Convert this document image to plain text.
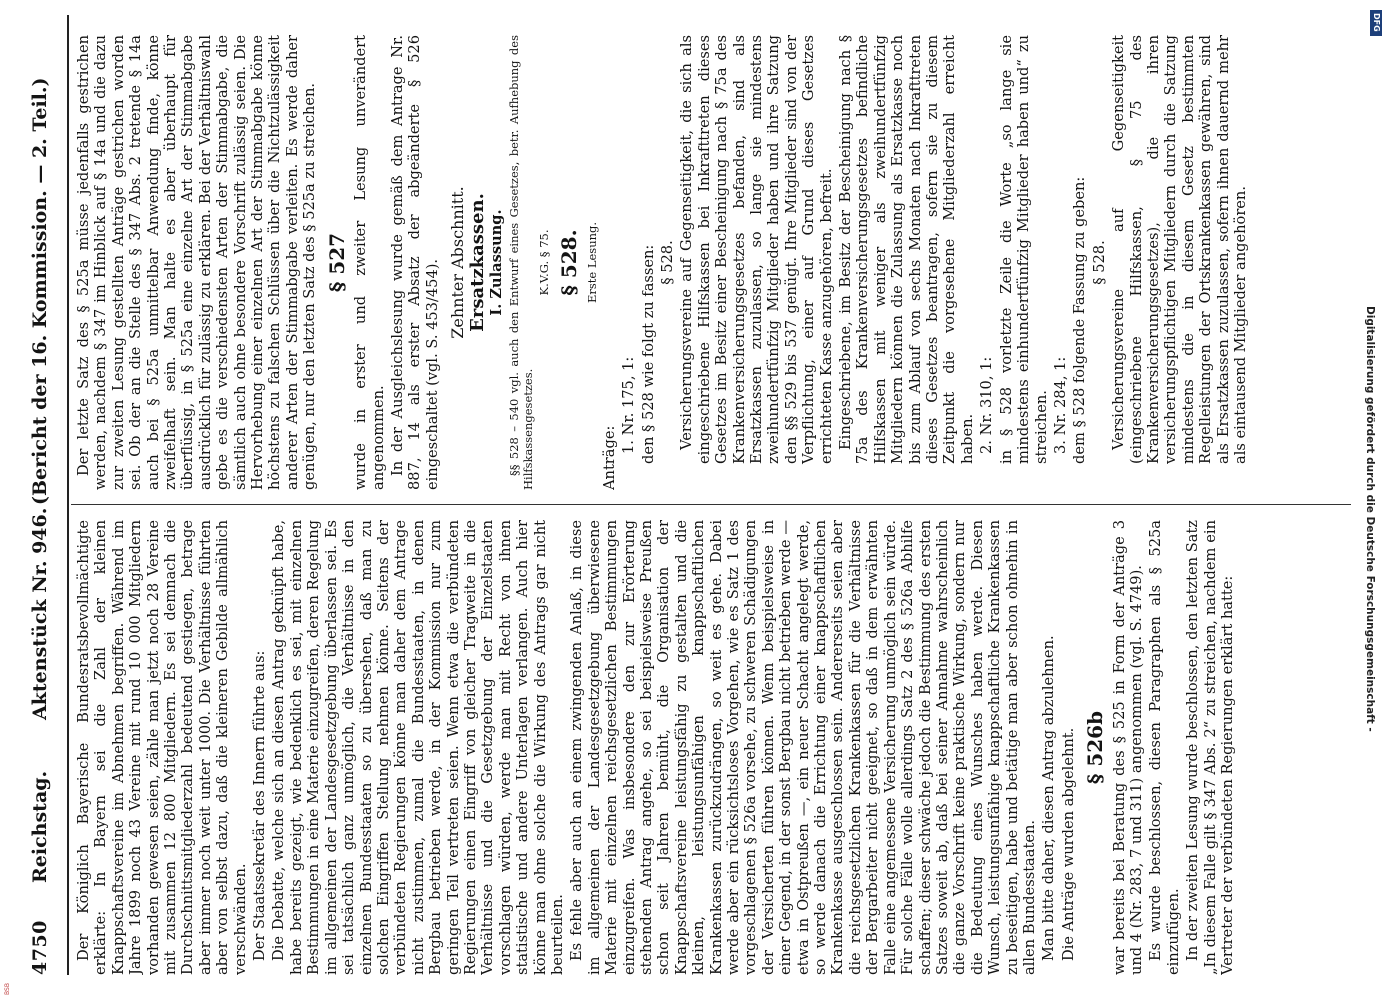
4750
Reichstag.
Aktenstück Nr. 946.
(Bericht der 16. Kommission. — 2. Teil.)

Der Königlich Bayerische Bundesratsbevollmächtigte erklärte: In Bayern sei die Zahl der kleinen Knappschaftsvereine im Abnehmen begriffen. Während im Jahre 1899 noch 43 Vereine mit rund 10 000 Mitgliedern vorhanden gewesen seien, zähle man jetzt noch 28 Vereine mit zusammen 12 800 Mitgliedern. Es sei demnach die Durchschnittsmitgliederzahl bedeutend gestiegen, betrage aber immer noch weit unter 1000. Die Verhältnisse führten aber von selbst dazu, daß die kleineren Gebilde allmählich verschwänden. Der Staatssekretär des Innern führte aus: Die Debatte, welche sich an diesen Antrag geknüpft habe, habe bereits gezeigt, wie bedenklich es sei, mit einzelnen Bestimmungen in eine Materie einzugreifen, deren Regelung im allgemeinen der Landesgesetzgebung überlassen sei. Es sei tatsächlich ganz unmöglich, die Verhältnisse in den einzelnen Bundesstaaten so zu übersehen, daß man zu solchen Eingriffen Stellung nehmen könne. Seitens der verbündeten Regierungen könne man daher dem Antrage nicht zustimmen, zumal die Bundesstaaten, in denen Bergbau betrieben werde, in der Kommission nur zum geringen Teil vertreten seien. Wenn etwa die verbündeten Regierungen einen Eingriff von gleicher Tragweite in die Verhältnisse und die Gesetzgebung der Einzelstaaten vorschlagen würden, werde man mit Recht von ihnen statistische und andere Unterlagen verlangen. Auch hier könne man ohne solche die Wirkung des Antrags gar nicht beurteilen. Es fehle aber auch an einem zwingenden Anlaß, in diese im allgemeinen der Landesgesetzgebung überwiesene Materie mit einzelnen reichsgesetzlichen Bestimmungen einzugreifen. Was insbesondere den zur Erörterung stehenden Antrag angehe, so sei beispielsweise Preußen schon seit Jahren bemüht, die Organisation der Knappschaftsvereine leistungsfähig zu gestalten und die kleinen, leistungsunfähigen knappschaftlichen Krankenkassen zurückzudrängen, so weit es gehe. Dabei werde aber ein rücksichtsloses Vorgehen, wie es Satz 1 des vorgeschlagenen § 526a vorsehe, zu schweren Schädigungen der Versicherten führen können. Wenn beispielsweise in einer Gegend, in der sonst Bergbau nicht betrieben werde — etwa in Ostpreußen —, ein neuer Schacht angelegt werde, so werde danach die Errichtung einer knappschaftlichen Krankenkasse ausgeschlossen sein. Andererseits seien aber die reichsgesetzlichen Krankenkassen für die Verhältnisse der Bergarbeiter nicht geeignet, so daß in dem erwähnten Falle eine angemessene Versicherung unmöglich sein würde. Für solche Fälle wolle allerdings Satz 2 des § 526a Abhilfe schaffen; dieser schwäche jedoch die Bestimmung des ersten Satzes soweit ab, daß bei seiner Annahme wahrscheinlich die ganze Vorschrift keine praktische Wirkung, sondern nur die Bedeutung eines Wunsches haben werde. Diesen Wunsch, leistungsunfähige knappschaftliche Krankenkassen zu beseitigen, habe und betätige man aber schon ohnehin in allen Bundesstaaten. Man bitte daher, diesen Antrag abzulehnen. Die Anträge wurden abgelehnt. § 526b war bereits bei Beratung des § 525 in Form der Anträge 3 und 4 (Nr. 283, 7 und 311) angenommen (vgl. S. 4749). Es wurde beschlossen, diesen Paragraphen als § 525a einzufügen. In der zweiten Lesung wurde beschlossen, den letzten Satz „In diesem Falle gilt § 347 Abs. 2“ zu streichen, nachdem ein Vertreter der verbündeten Regierungen erklärt hatte:

Der letzte Satz des § 525a müsse jedenfalls gestrichen werden, nachdem § 347 im Hinblick auf § 14a und die dazu zur zweiten Lesung gestellten Anträge gestrichen worden sei. Ob der an die Stelle des § 347 Abs. 2 tretende § 14a auch bei § 525a unmittelbar Anwendung finde, könne zweifelhaft sein. Man halte es aber überhaupt für überflüssig, in § 525a eine einzelne Art der Stimmabgabe ausdrücklich für zulässig zu erklären. Bei der Verhältniswahl gebe es die verschiedensten Arten der Stimmabgabe, die sämtlich auch ohne besondere Vorschrift zulässig seien. Die Hervorhebung einer einzelnen Art der Stimmabgabe könne höchstens zu falschen Schlüssen über die Nichtzulässigkeit anderer Arten der Stimmabgabe verleiten. Es werde daher genügen, nur den letzten Satz des § 525a zu streichen. § 527 wurde in erster und zweiter Lesung unverändert angenommen. In der Ausgleichslesung wurde gemäß dem Antrage Nr. 887, 14 als erster Absatz der abgeänderte § 526 eingeschaltet (vgl. S. 453/454). Zehnter Abschnitt. Ersatzkassen. I. Zulassung. §§ 528 – 540 vgl. auch den Entwurf eines Gesetzes, betr. Aufhebung des Hilfskassengesetzes.

K.V.G. § 75. § 528. Erste Lesung.

Anträge:

1. Nr. 175, 1: den § 528 wie folgt zu fassen: § 528. Versicherungsvereine auf Gegenseitigkeit, die sich als eingeschriebene Hilfskassen bei Inkrafttreten dieses Gesetzes im Besitz einer Bescheinigung nach § 75a des Krankenversicherungsgesetzes befanden, sind als Ersatzkassen zuzulassen, so lange sie mindestens zweihundertfünfzig Mitglieder haben und ihre Satzung den §§ 529 bis 537 genügt. Ihre Mitglieder sind von der Verpflichtung, einer auf Grund dieses Gesetzes errichteten Kasse anzugehören, befreit. Eingeschriebene, im Besitz der Bescheinigung nach § 75a des Krankenversicherungsgesetzes befindliche Hilfskassen mit weniger als zweihundertfünfzig Mitgliedern können die Zulassung als Ersatzkasse noch bis zum Ablauf von sechs Monaten nach Inkrafttreten dieses Gesetzes beantragen, sofern sie zu diesem Zeitpunkt die vorgesehene Mitgliederzahl erreicht haben. 2. Nr. 310, 1: in § 528 vorletzte Zeile die Worte „so lange sie mindestens einhundertfünfzig Mitglieder haben und“ zu streichen. 3. Nr. 284, 1: dem § 528 folgende Fassung zu geben: § 528. Versicherungsvereine auf Gegenseitigkeit (eingeschriebene Hilfskassen, § 75 des Krankenversicherungsgesetzes), die ihren versicherungspflichtigen Mitgliedern durch die Satzung mindestens die in diesem Gesetz bestimmten Regelleistungen der Ortskrankenkassen gewähren, sind als Ersatzkassen zuzulassen, sofern ihnen dauernd mehr als eintausend Mitglieder angehören.

DFG
Digitalisierung gefördert durch die Deutsche Forschungsgemeinschaft -
BSB
